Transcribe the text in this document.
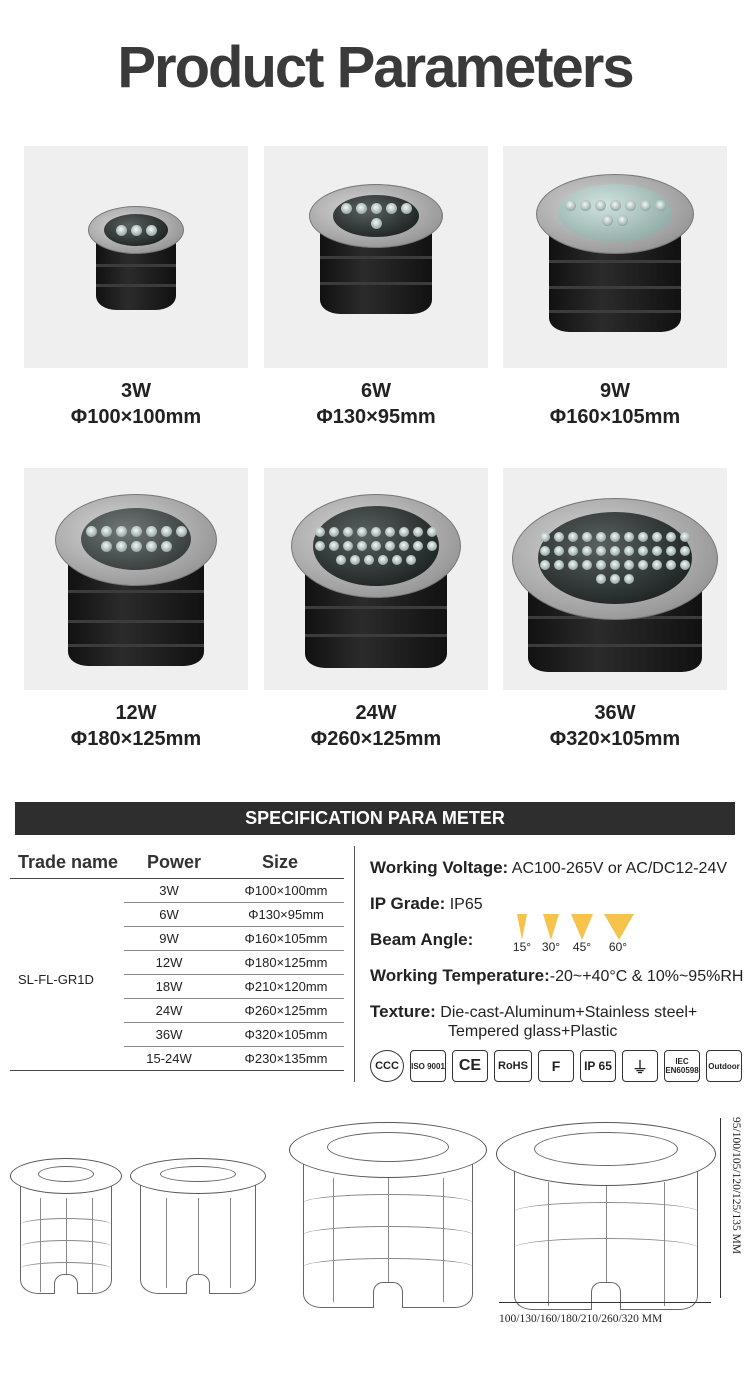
Product Parameters
3W
Φ100×100mm
6W
Φ130×95mm
9W
Φ160×105mm
12W
Φ180×125mm
24W
Φ260×125mm
36W
Φ320×105mm
SPECIFICATION PARA METER
Trade name Power	Size
SL-FL-GR1D
3W	Φ100×100mm
6W	Φ130×95mm
9W	Φ160×105mm
12W	Φ180×125mm
18W	Φ210×120mm
24W	Φ260×125mm
36W	Φ320×105mm
15-24W	Φ230×135mm
Working Voltage: AC100-265V or AC/DC12-24V
IP Grade: IP65
Beam Angle:	15° 30°	45°	60°
Working Temperature:-20~+40°C & 10%~95%RH
Texture: Die-cast-Aluminum+Stainless steel+
Tempered glass+Plastic
CCC	ISO 9001 CE	RoHS	F	IP 65	⏚	IEC EN60598 Outdoor
100/130/160/180/210/260/320 MM
95/100/105/120/125/135 MM
